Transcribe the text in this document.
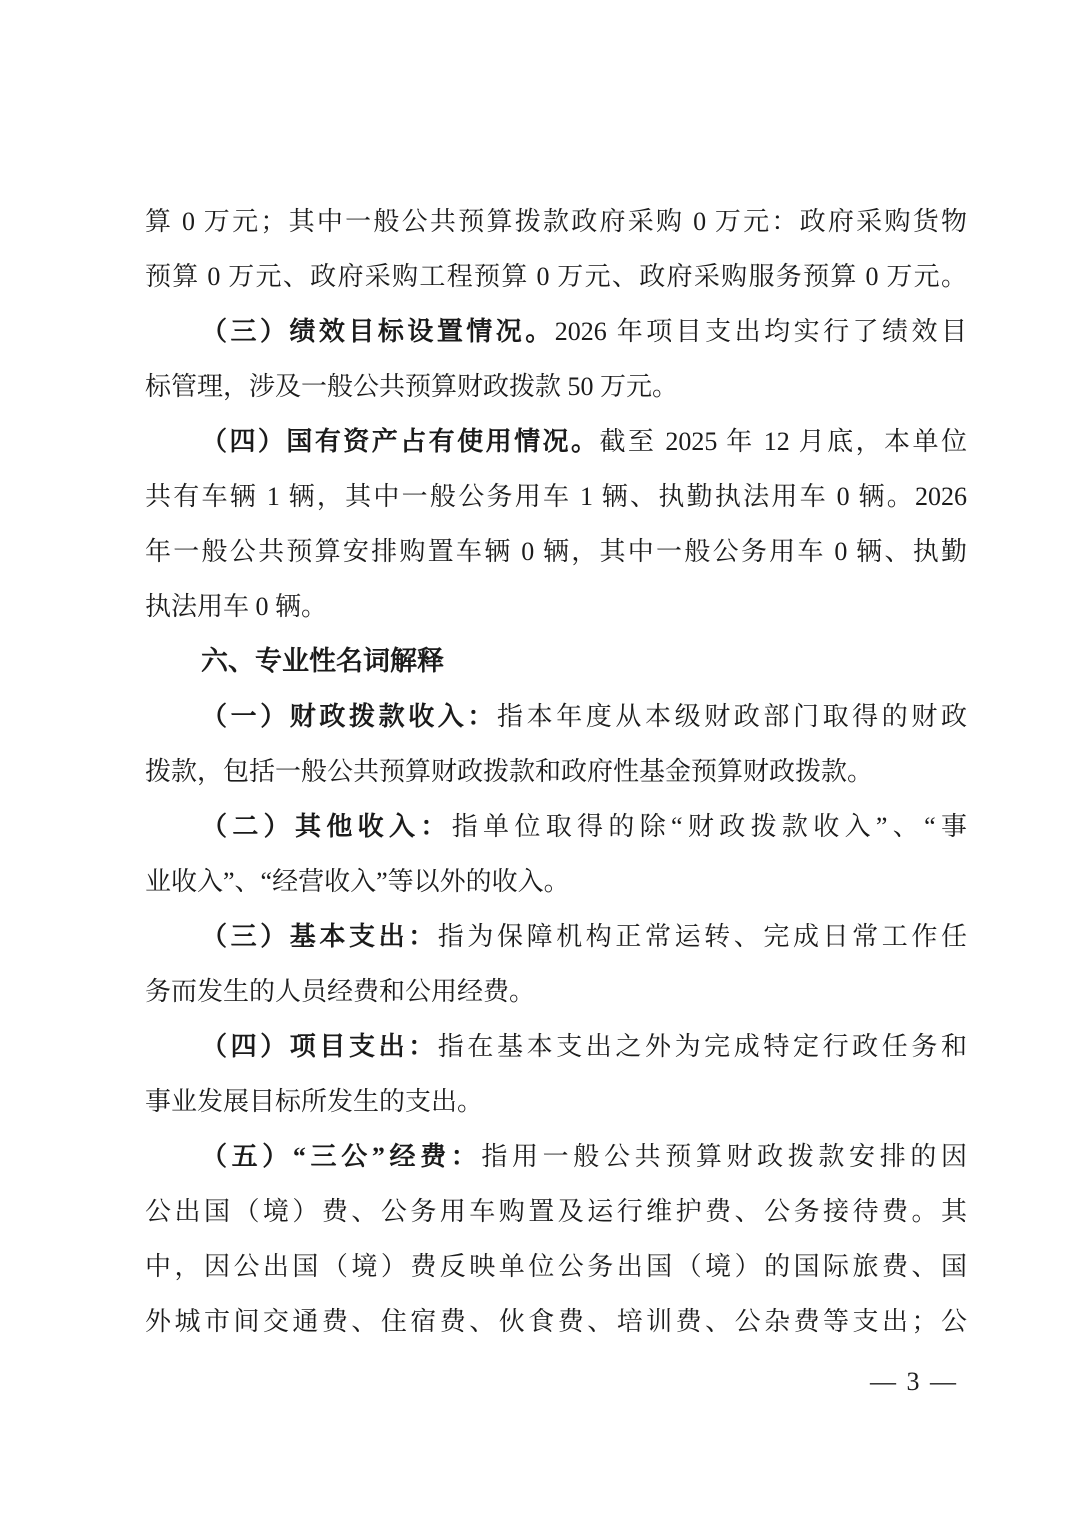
算 0 万元；其中一般公共预算拨款政府采购 0 万元：政府采购货物
预算 0 万元、政府采购工程预算 0 万元、政府采购服务预算 0 万元。
（三）绩效目标设置情况。2026 年项目支出均实行了绩效目
标管理，涉及一般公共预算财政拨款 50 万元。
（四）国有资产占有使用情况。截至 2025 年 12 月底，本单位
共有车辆 1 辆，其中一般公务用车 1 辆、执勤执法用车 0 辆。2026
年一般公共预算安排购置车辆 0 辆，其中一般公务用车 0 辆、执勤
执法用车 0 辆。
六、专业性名词解释
（一）财政拨款收入：指本年度从本级财政部门取得的财政
拨款，包括一般公共预算财政拨款和政府性基金预算财政拨款。
（二）其他收入：指单位取得的除“财政拨款收入”、“事
业收入”、“经营收入”等以外的收入。
（三）基本支出：指为保障机构正常运转、完成日常工作任
务而发生的人员经费和公用经费。
（四）项目支出：指在基本支出之外为完成特定行政任务和
事业发展目标所发生的支出。
（五）“三公”经费：指用一般公共预算财政拨款安排的因
公出国（境）费、公务用车购置及运行维护费、公务接待费。其
中，因公出国（境）费反映单位公务出国（境）的国际旅费、国
外城市间交通费、住宿费、伙食费、培训费、公杂费等支出；公
— 3 —
